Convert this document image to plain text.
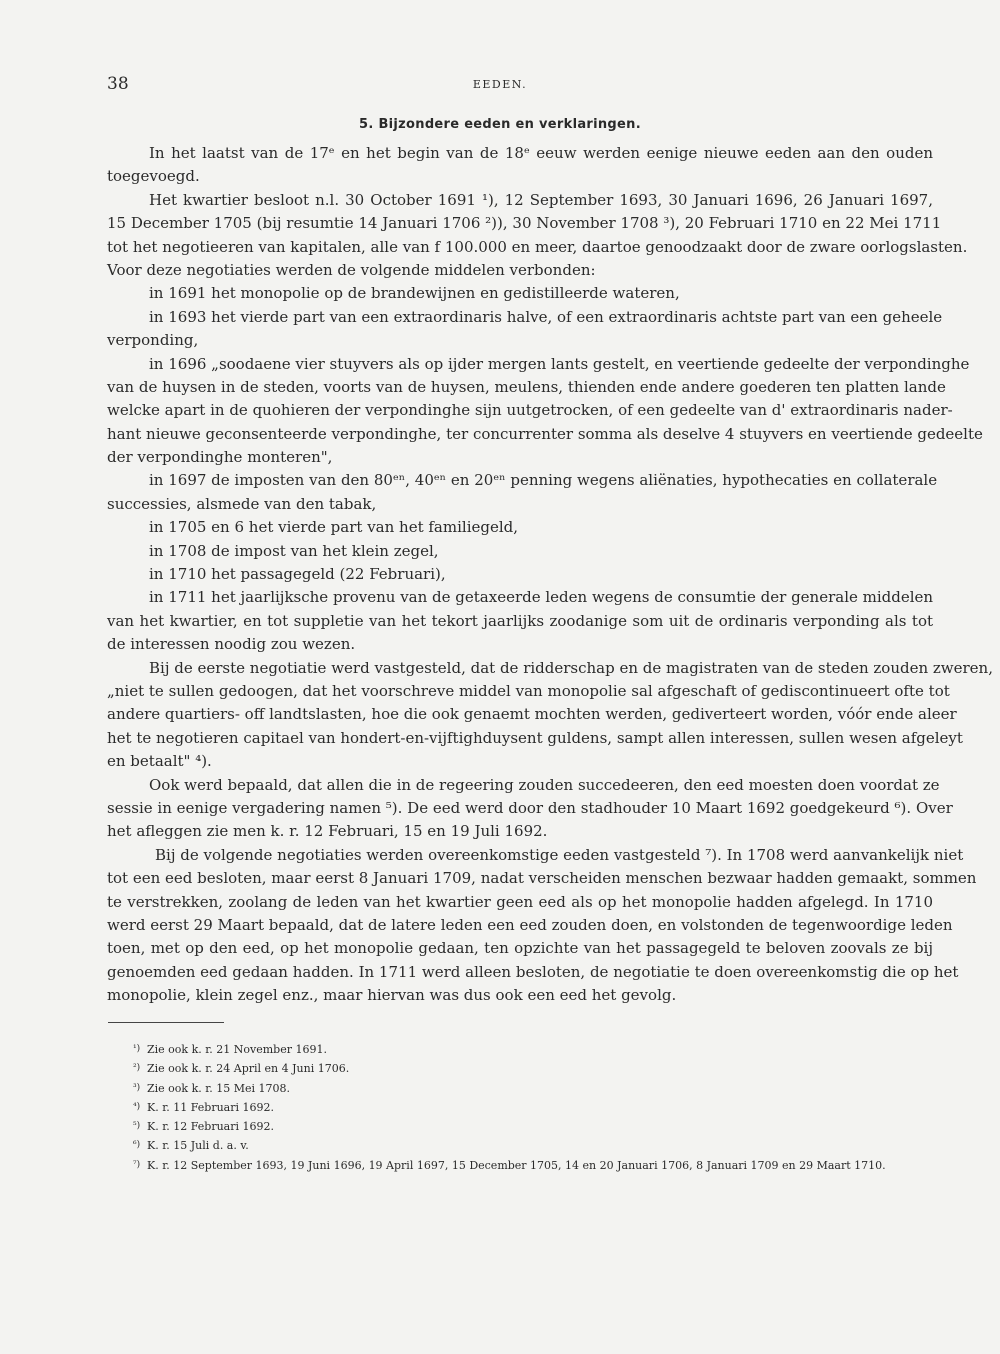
38	EEDEN.
5. Bijzondere eeden en verklaringen.
In het laatst van de 17ᵉ en het begin van de 18ᵉ eeuw werden eenige nieuwe eeden aan den ouden
toegevoegd.
Het kwartier besloot n.l. 30 October 1691 ¹), 12 September 1693, 30 Januari 1696, 26 Januari 1697,
15 December 1705 (bij resumtie 14 Januari 1706 ²)), 30 November 1708 ³), 20 Februari 1710 en 22 Mei 1711
tot het negotieeren van kapitalen, alle van f 100.000 en meer, daartoe genoodzaakt door de zware oorlogslasten.
Voor deze negotiaties werden de volgende middelen verbonden:
in 1691 het monopolie op de brandewijnen en gedistilleerde wateren,
in 1693 het vierde part van een extraordinaris halve, of een extraordinaris achtste part van een geheele
verponding,
in 1696 „soodaene vier stuyvers als op ijder mergen lants gestelt, en veertiende gedeelte der verpondinghe
van de huysen in de steden, voorts van de huysen, meulens, thienden ende andere goederen ten platten lande
welcke apart in de quohieren der verpondinghe sijn uutgetrocken, of een gedeelte van d' extraordinaris nader-
hant nieuwe geconsenteerde verpondinghe, ter concurrenter somma als deselve 4 stuyvers en veertiende gedeelte
der verpondinghe monteren",
in 1697 de imposten van den 80ᵉⁿ, 40ᵉⁿ en 20ᵉⁿ penning wegens aliënaties, hypothecaties en collaterale
successies, alsmede van den tabak,
in 1705 en 6 het vierde part van het familiegeld,
in 1708 de impost van het klein zegel,
in 1710 het passagegeld (22 Februari),
in 1711 het jaarlijksche provenu van de getaxeerde leden wegens de consumtie der generale middelen
van het kwartier, en tot suppletie van het tekort jaarlijks zoodanige som uit de ordinaris verponding als tot
de interessen noodig zou wezen.
Bij de eerste negotiatie werd vastgesteld, dat de ridderschap en de magistraten van de steden zouden zweren,
„niet te sullen gedoogen, dat het voorschreve middel van monopolie sal afgeschaft of gediscontinueert ofte tot
andere quartiers- off landtslasten, hoe die ook genaemt mochten werden, gediverteert worden, vóór ende aleer
het te negotieren capitael van hondert-en-vijftighduysent guldens, sampt allen interessen, sullen wesen afgeleyt
en betaalt" ⁴).
Ook werd bepaald, dat allen die in de regeering zouden succedeeren, den eed moesten doen voordat ze
sessie in eenige vergadering namen ⁵). De eed werd door den stadhouder 10 Maart 1692 goedgekeurd ⁶). Over
het afleggen zie men k. r. 12 Februari, 15 en 19 Juli 1692.
Bij de volgende negotiaties werden overeenkomstige eeden vastgesteld ⁷). In 1708 werd aanvankelijk niet
tot een eed besloten, maar eerst 8 Januari 1709, nadat verscheiden menschen bezwaar hadden gemaakt, sommen
te verstrekken, zoolang de leden van het kwartier geen eed als op het monopolie hadden afgelegd. In 1710
werd eerst 29 Maart bepaald, dat de latere leden een eed zouden doen, en volstonden de tegenwoordige leden
toen, met op den eed, op het monopolie gedaan, ten opzichte van het passagegeld te beloven zoovals ze bij
genoemden eed gedaan hadden. In 1711 werd alleen besloten, de negotiatie te doen overeenkomstig die op het
monopolie, klein zegel enz., maar hiervan was dus ook een eed het gevolg.
¹) Zie ook k. r. 21 November 1691.
²) Zie ook k. r. 24 April en 4 Juni 1706.
³) Zie ook k. r. 15 Mei 1708.
⁴) K. r. 11 Februari 1692.
⁵) K. r. 12 Februari 1692.
⁶) K. r. 15 Juli d. a. v.
⁷) K. r. 12 September 1693, 19 Juni 1696, 19 April 1697, 15 December 1705, 14 en 20 Januari 1706, 8 Januari 1709 en 29 Maart 1710.
